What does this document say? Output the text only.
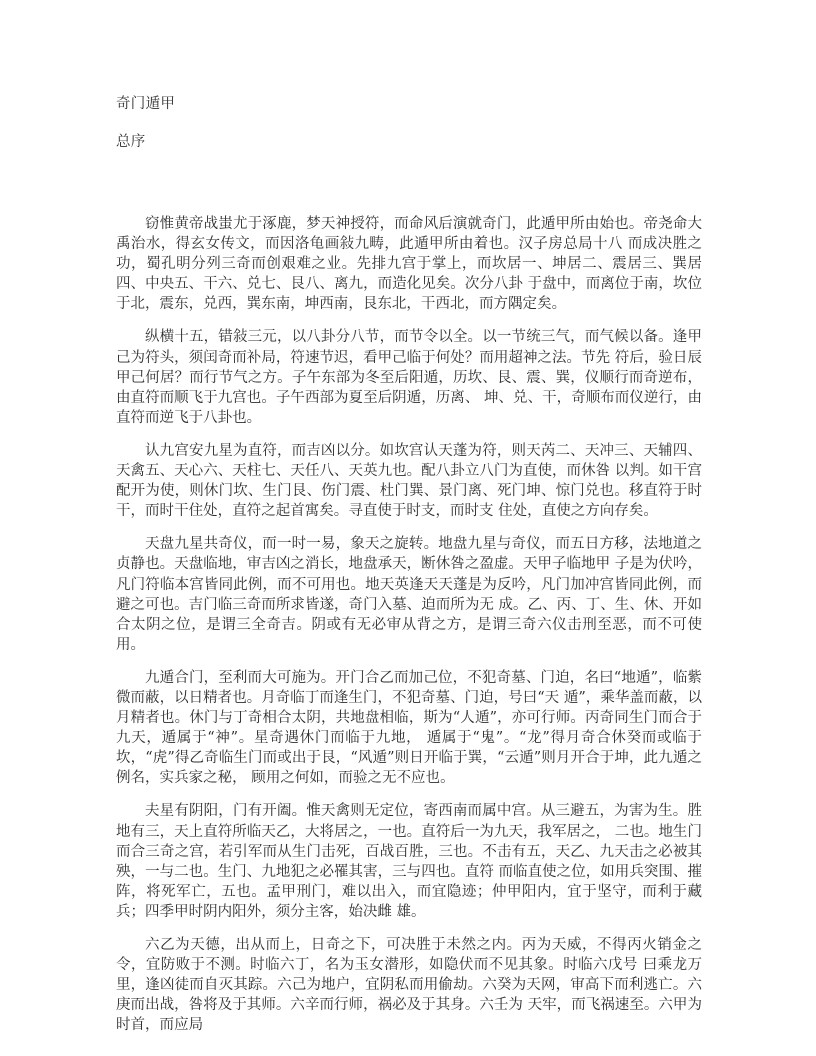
奇门遁甲
总序

窃惟黄帝战蚩尤于涿鹿，梦天神授符，而命风后演就奇门，此遁甲所由始也。帝尧命大禹治水，得玄女传文，而因洛龟画敍九畴，此遁甲所由着也。汉子房总局十八 而成决胜之功，蜀孔明分列三奇而创艰难之业。先排九宫于掌上，而坎居一、坤居二、震居三、巽居四、中央五、干六、兑七、艮八、离九，而造化见矣。次分八卦 于盘中，而离位于南，坎位于北，震东，兑西，巽东南，坤西南，艮东北，干西北，而方隅定矣。

纵横十五，错敍三元，以八卦分八节，而节令以全。以一节统三气，而气候以备。逢甲己为符头，须闰奇而补局，符速节迟，看甲己临于何处？而用超神之法。节先 符后，验日辰甲己何居？而行节气之方。子午东部为冬至后阳遁，历坎、艮、震、巽，仪顺行而奇逆布，由直符而顺飞于九宫也。子午西部为夏至后阴遁，历离、 坤、兑、干，奇顺布而仪逆行，由直符而逆飞于八卦也。

认九宫安九星为直符，而吉凶以分。如坎宫认天蓬为符，则天芮二、天冲三、天辅四、天禽五、天心六、天柱七、天任八、天英九也。配八卦立八门为直使，而休咎 以判。如干宫配开为使，则休门坎、生门艮、伤门震、杜门巽、景门离、死门坤、惊门兑也。移直符于时干，而时干住处，直符之起首寓矣。寻直使于时支，而时支 住处，直使之方向存矣。

天盘九星共奇仪，而一时一易，象天之旋转。地盘九星与奇仪，而五日方移，法地道之贞静也。天盘临地，审吉凶之消长，地盘承天，断休咎之盈虚。天甲子临地甲 子是为伏吟，凡门符临本宫皆同此例，而不可用也。地天英逢天天蓬是为反吟，凡门加冲宫皆同此例，而避之可也。吉门临三奇而所求皆遂，奇门入墓、迫而所为无 成。乙、丙、丁、生、休、开如合太阴之位，是谓三全奇吉。阴或有无必审从背之方，是谓三奇六仪击刑至恶，而不可使用。

九遁合门，至利而大可施为。开门合乙而加己位，不犯奇墓、门迫，名曰“地遁”，临紫微而蔽，以日精者也。月奇临丁而逢生门，不犯奇墓、门迫，号曰“天 遁”，乘华盖而蔽，以月精者也。休门与丁奇相合太阴，共地盘相临，斯为“人遁”，亦可行师。丙奇同生门而合于九天，遁属于“神”。星奇遇休门而临于九地， 遁属于“鬼”。“龙”得月奇合休癸而或临于坎，“虎”得乙奇临生门而或出于艮，“风遁”则日开临于巽，“云遁”则月开合于坤，此九遁之例名，实兵家之秘， 顾用之何如，而验之无不应也。

夫星有阴阳，门有开阖。惟天禽则无定位，寄西南而属中宫。从三避五，为害为生。胜地有三，天上直符所临天乙，大将居之，一也。直符后一为九天，我军居之， 二也。地生门而合三奇之宫，若引军而从生门击死，百战百胜，三也。不击有五，天乙、九天击之必被其殃，一与二也。生门、九地犯之必罹其害，三与四也。直符 而临直使之位，如用兵突围、摧阵，将死军亡，五也。孟甲刑门，难以出入，而宜隐迹；仲甲阳内，宜于坚守，而利于藏兵；四季甲时阴内阳外，须分主客，始决雌 雄。

六乙为天德，出从而上，日奇之下，可决胜于未然之内。丙为天威，不得丙火销金之令，宜防败于不测。时临六丁，名为玉女潜形，如隐伏而不见其象。时临六戊号 曰乘龙万里，逢凶徒而自灭其踪。六己为地户，宜阴私而用偷劫。六癸为天网，审高下而利逃亡。六庚而出战，咎将及于其师。六辛而行师，祸必及于其身。六壬为 天牢，而飞祸速至。六甲为时首，而应局
